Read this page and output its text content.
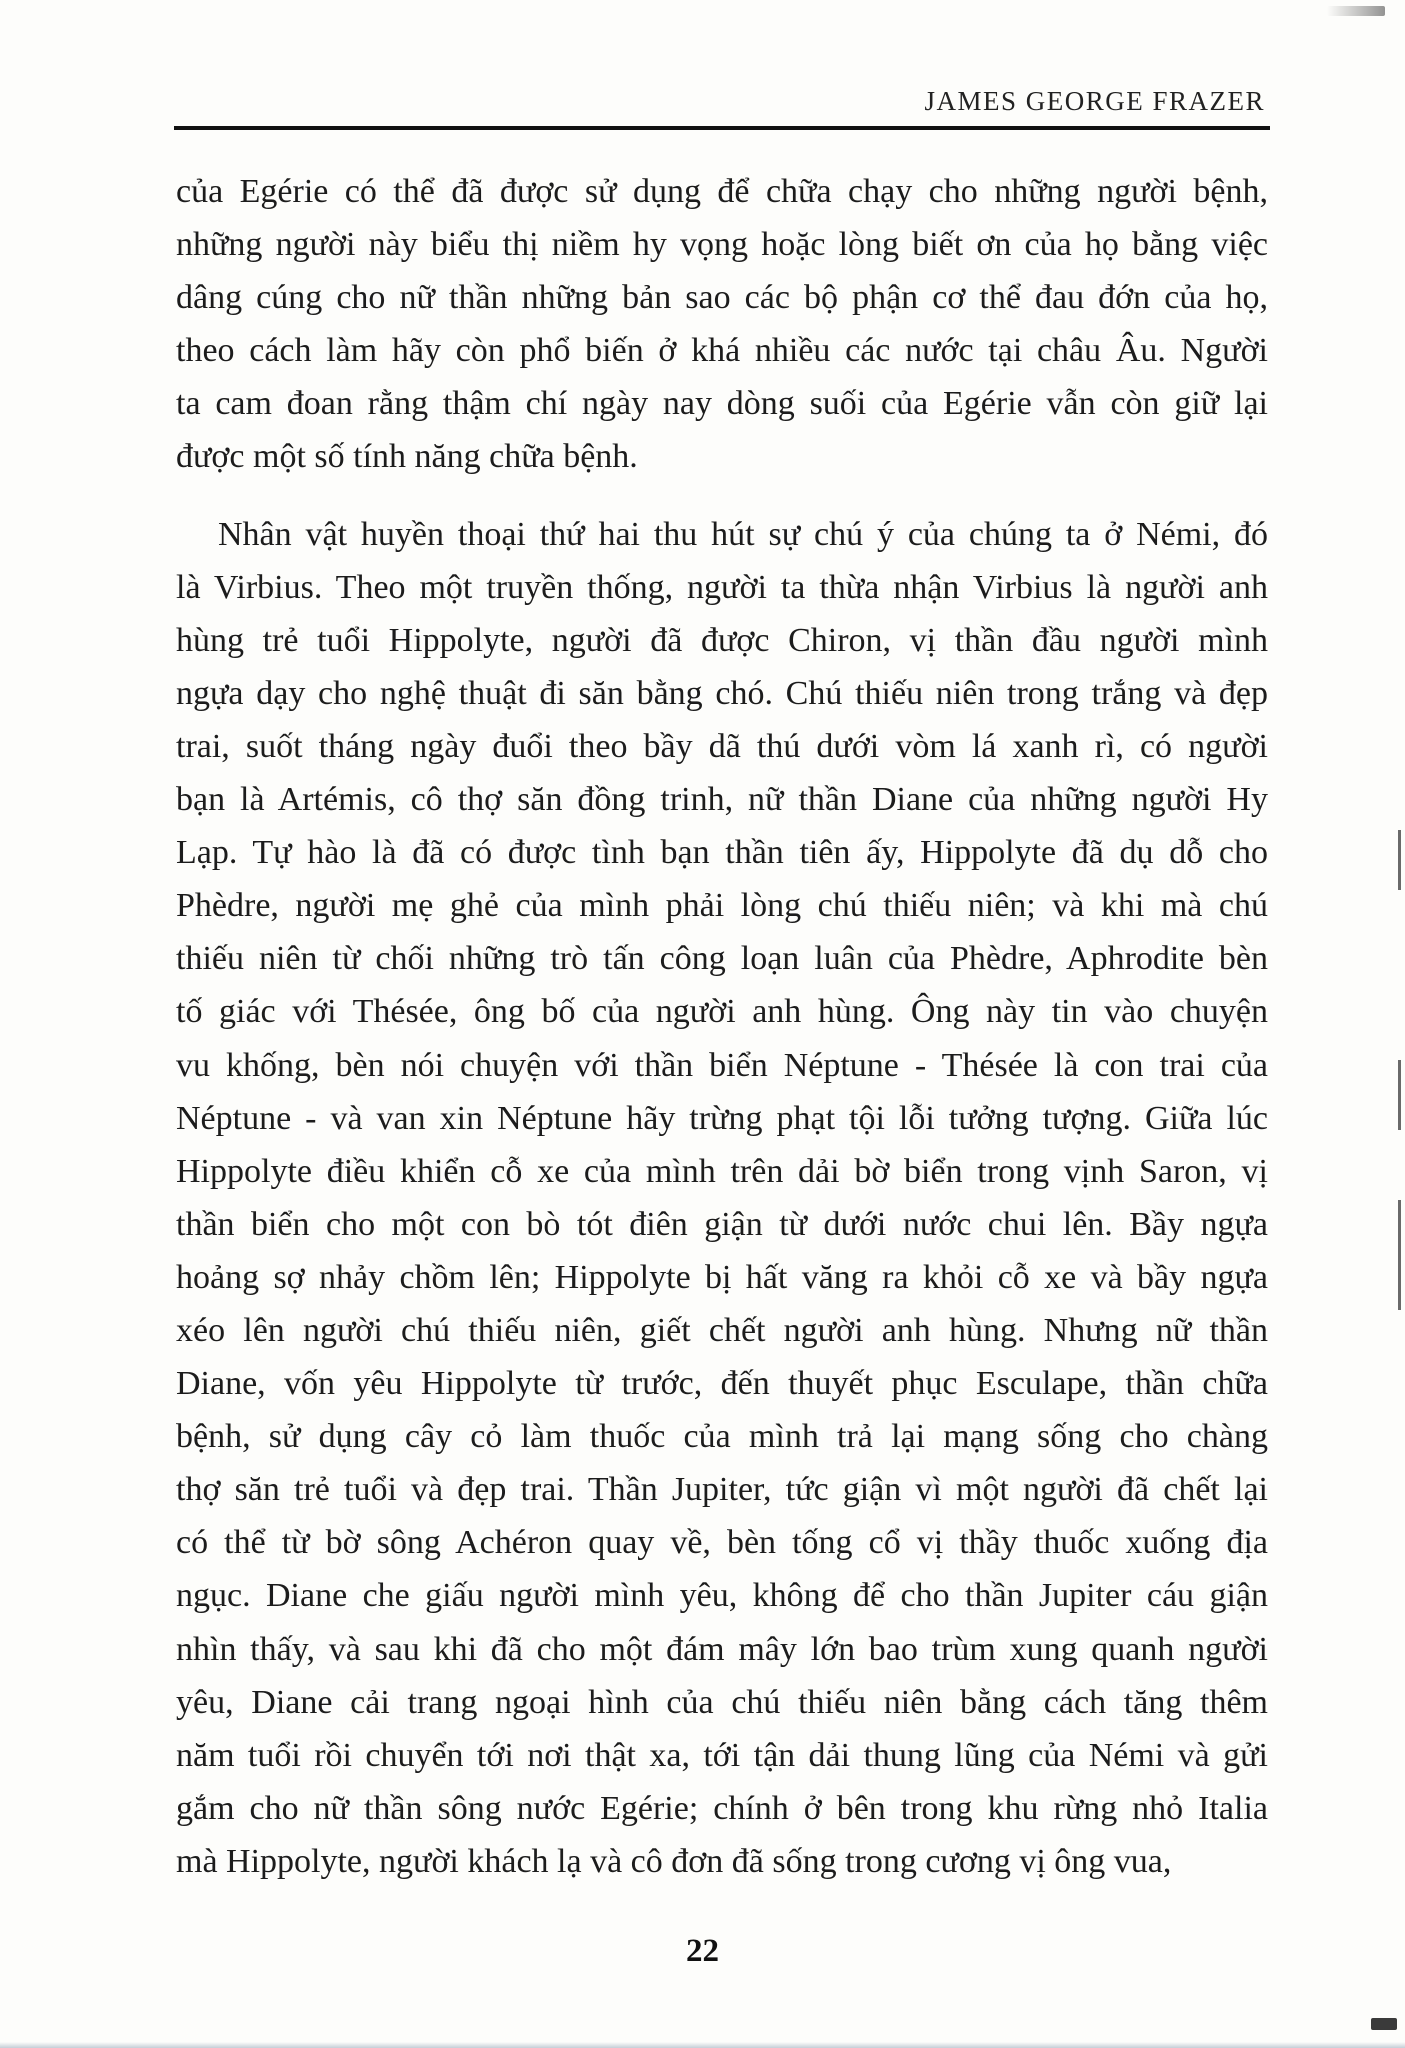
JAMES GEORGE FRAZER
của Egérie có thể đã được sử dụng để chữa chạy cho những người bệnh,
những người này biểu thị niềm hy vọng hoặc lòng biết ơn của họ bằng việc
dâng cúng cho nữ thần những bản sao các bộ phận cơ thể đau đớn của họ,
theo cách làm hãy còn phổ biến ở khá nhiều các nước tại châu Âu. Người
ta cam đoan rằng thậm chí ngày nay dòng suối của Egérie vẫn còn giữ lại
được một số tính năng chữa bệnh.
Nhân vật huyền thoại thứ hai thu hút sự chú ý của chúng ta ở Némi, đó
là Virbius. Theo một truyền thống, người ta thừa nhận Virbius là người anh
hùng trẻ tuổi Hippolyte, người đã được Chiron, vị thần đầu người mình
ngựa dạy cho nghệ thuật đi săn bằng chó. Chú thiếu niên trong trắng và đẹp
trai, suốt tháng ngày đuổi theo bầy dã thú dưới vòm lá xanh rì, có người
bạn là Artémis, cô thợ săn đồng trinh, nữ thần Diane của những người Hy
Lạp. Tự hào là đã có được tình bạn thần tiên ấy, Hippolyte đã dụ dỗ cho
Phèdre, người mẹ ghẻ của mình phải lòng chú thiếu niên; và khi mà chú
thiếu niên từ chối những trò tấn công loạn luân của Phèdre, Aphrodite bèn
tố giác với Thésée, ông bố của người anh hùng. Ông này tin vào chuyện
vu khống, bèn nói chuyện với thần biển Néptune - Thésée là con trai của
Néptune - và van xin Néptune hãy trừng phạt tội lỗi tưởng tượng. Giữa lúc
Hippolyte điều khiển cỗ xe của mình trên dải bờ biển trong vịnh Saron, vị
thần biển cho một con bò tót điên giận từ dưới nước chui lên. Bầy ngựa
hoảng sợ nhảy chồm lên; Hippolyte bị hất văng ra khỏi cỗ xe và bầy ngựa
xéo lên người chú thiếu niên, giết chết người anh hùng. Nhưng nữ thần
Diane, vốn yêu Hippolyte từ trước, đến thuyết phục Esculape, thần chữa
bệnh, sử dụng cây cỏ làm thuốc của mình trả lại mạng sống cho chàng
thợ săn trẻ tuổi và đẹp trai. Thần Jupiter, tức giận vì một người đã chết lại
có thể từ bờ sông Achéron quay về, bèn tống cổ vị thầy thuốc xuống địa
ngục. Diane che giấu người mình yêu, không để cho thần Jupiter cáu giận
nhìn thấy, và sau khi đã cho một đám mây lớn bao trùm xung quanh người
yêu, Diane cải trang ngoại hình của chú thiếu niên bằng cách tăng thêm
năm tuổi rồi chuyển tới nơi thật xa, tới tận dải thung lũng của Némi và gửi
gắm cho nữ thần sông nước Egérie; chính ở bên trong khu rừng nhỏ Italia
mà Hippolyte, người khách lạ và cô đơn đã sống trong cương vị ông vua,
22
